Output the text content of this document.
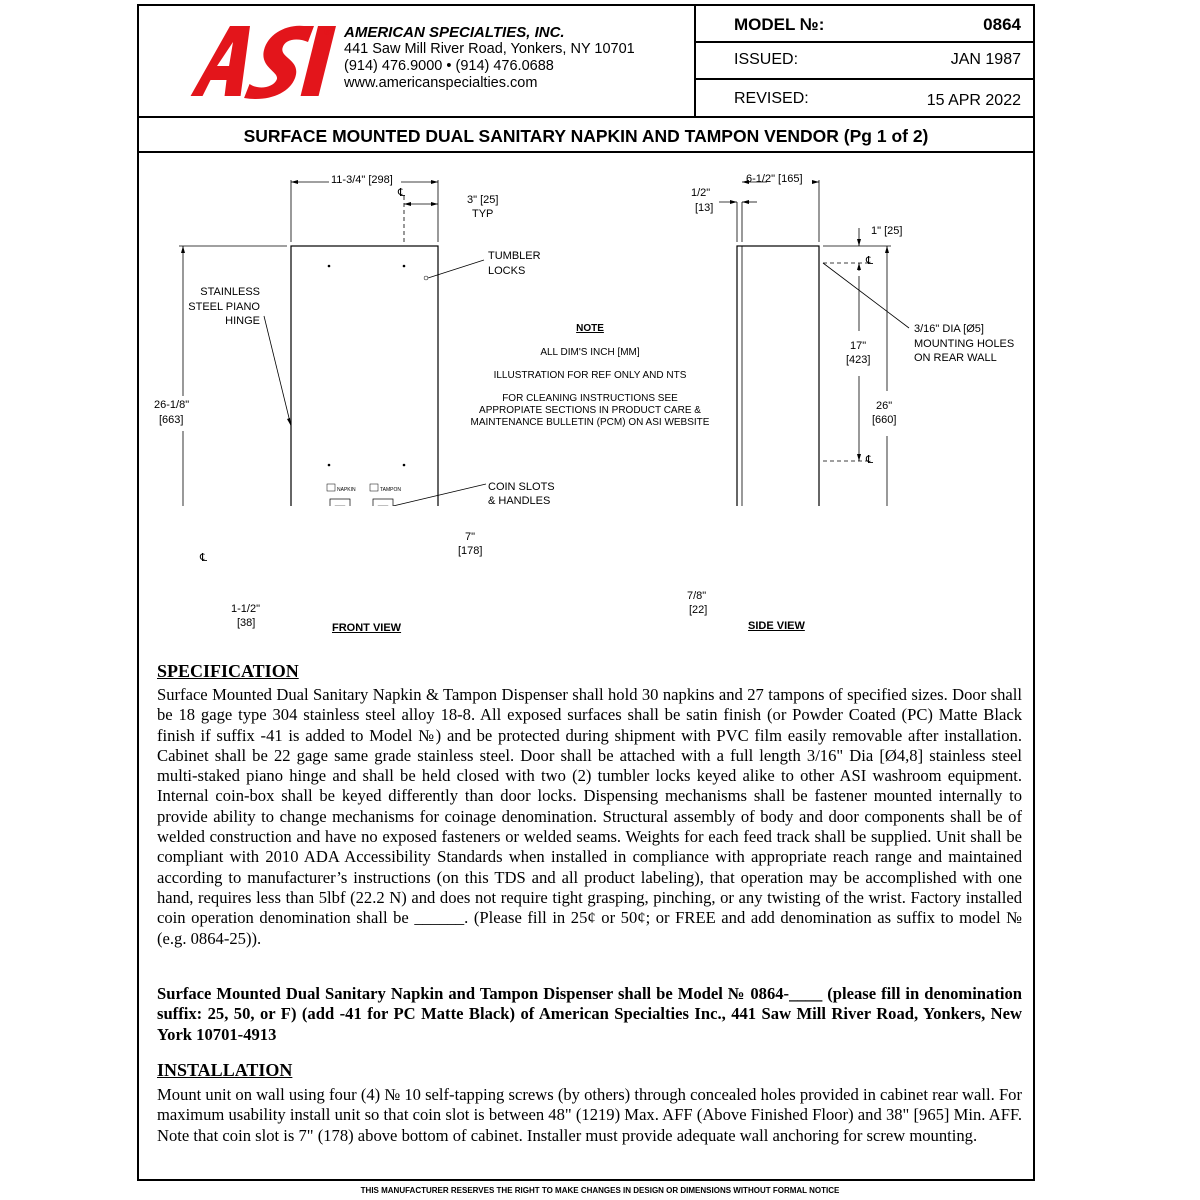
® AMERICAN SPECIALTIES, INC.
441 Saw Mill River Road, Yonkers, NY 10701
(914) 476.9000 • (914) 476.0688
www.americanspecialties.com
MODEL №:	0864
ISSUED:	JAN 1987
REVISED:	15 APR 2022
SURFACE MOUNTED DUAL SANITARY NAPKIN AND TAMPON VENDOR (Pg 1 of 2)
11-3/4" [298]
℄
3" [25]
TYP
TUMBLER
LOCKS
STAINLESS
STEEL PIANO
HINGE
26-1/8"
[663]
NAPKIN	TAMPON	COIN SLOTS
& HANDLES
7"
[178]
℄
1-1/2"
[38]	FRONT VIEW
NOTE
ALL DIM'S INCH [MM]
ILLUSTRATION FOR REF ONLY AND NTS
FOR CLEANING INSTRUCTIONS SEE
APPROPIATE SECTIONS IN PRODUCT CARE &
MAINTENANCE BULLETIN (PCM) ON ASI WEBSITE
1/2"
[13]
6-1/2" [165]
1" [25]
℄
3/16" DIA [Ø5]
MOUNTING HOLES
ON REAR WALL
17"
[423]
26"
[660]
℄
7/8"
[22]
SIDE VIEW
SPECIFICATION
Surface Mounted Dual Sanitary Napkin & Tampon Dispenser shall hold 30 napkins and 27 tampons of specified sizes. Door shall be 18 gage type 304 stainless steel alloy 18-8. All exposed surfaces shall be satin finish (or Powder Coated (PC) Matte Black finish if suffix -41 is added to Model №) and be protected during shipment with PVC film easily removable after installation. Cabinet shall be 22 gage same grade stainless steel. Door shall be attached with a full length 3/16" Dia [Ø4,8] stainless steel multi-staked piano hinge and shall be held closed with two (2) tumbler locks keyed alike to other ASI washroom equipment. Internal coin-box shall be keyed differently than door locks. Dispensing mechanisms shall be fastener mounted internally to provide ability to change mechanisms for coinage denomination. Structural assembly of body and door components shall be of welded construction and have no exposed fasteners or welded seams. Weights for each feed track shall be supplied. Unit shall be compliant with 2010 ADA Accessibility Standards when installed in compliance with appropriate reach range and maintained according to manufacturer’s instructions (on this TDS and all product labeling), that operation may be accomplished with one hand, requires less than 5lbf (22.2 N) and does not require tight grasping, pinching, or any twisting of the wrist. Factory installed coin operation denomination shall be ______. (Please fill in 25¢ or 50¢; or FREE and add denomination as suffix to model № (e.g. 0864-25)).
Surface Mounted Dual Sanitary Napkin and Tampon Dispenser shall be Model № 0864-____ (please fill in denomination suffix: 25, 50, or F) (add -41 for PC Matte Black) of American Specialties Inc., 441 Saw Mill River Road, Yonkers, New York 10701-4913
INSTALLATION
Mount unit on wall using four (4) № 10 self-tapping screws (by others) through concealed holes provided in cabinet rear wall. For maximum usability install unit so that coin slot is between 48" (1219) Max. AFF (Above Finished Floor) and 38" [965] Min. AFF. Note that coin slot is 7" (178) above bottom of cabinet. Installer must provide adequate wall anchoring for screw mounting.
THIS MANUFACTURER RESERVES THE RIGHT TO MAKE CHANGES IN DESIGN OR DIMENSIONS WITHOUT FORMAL NOTICE
